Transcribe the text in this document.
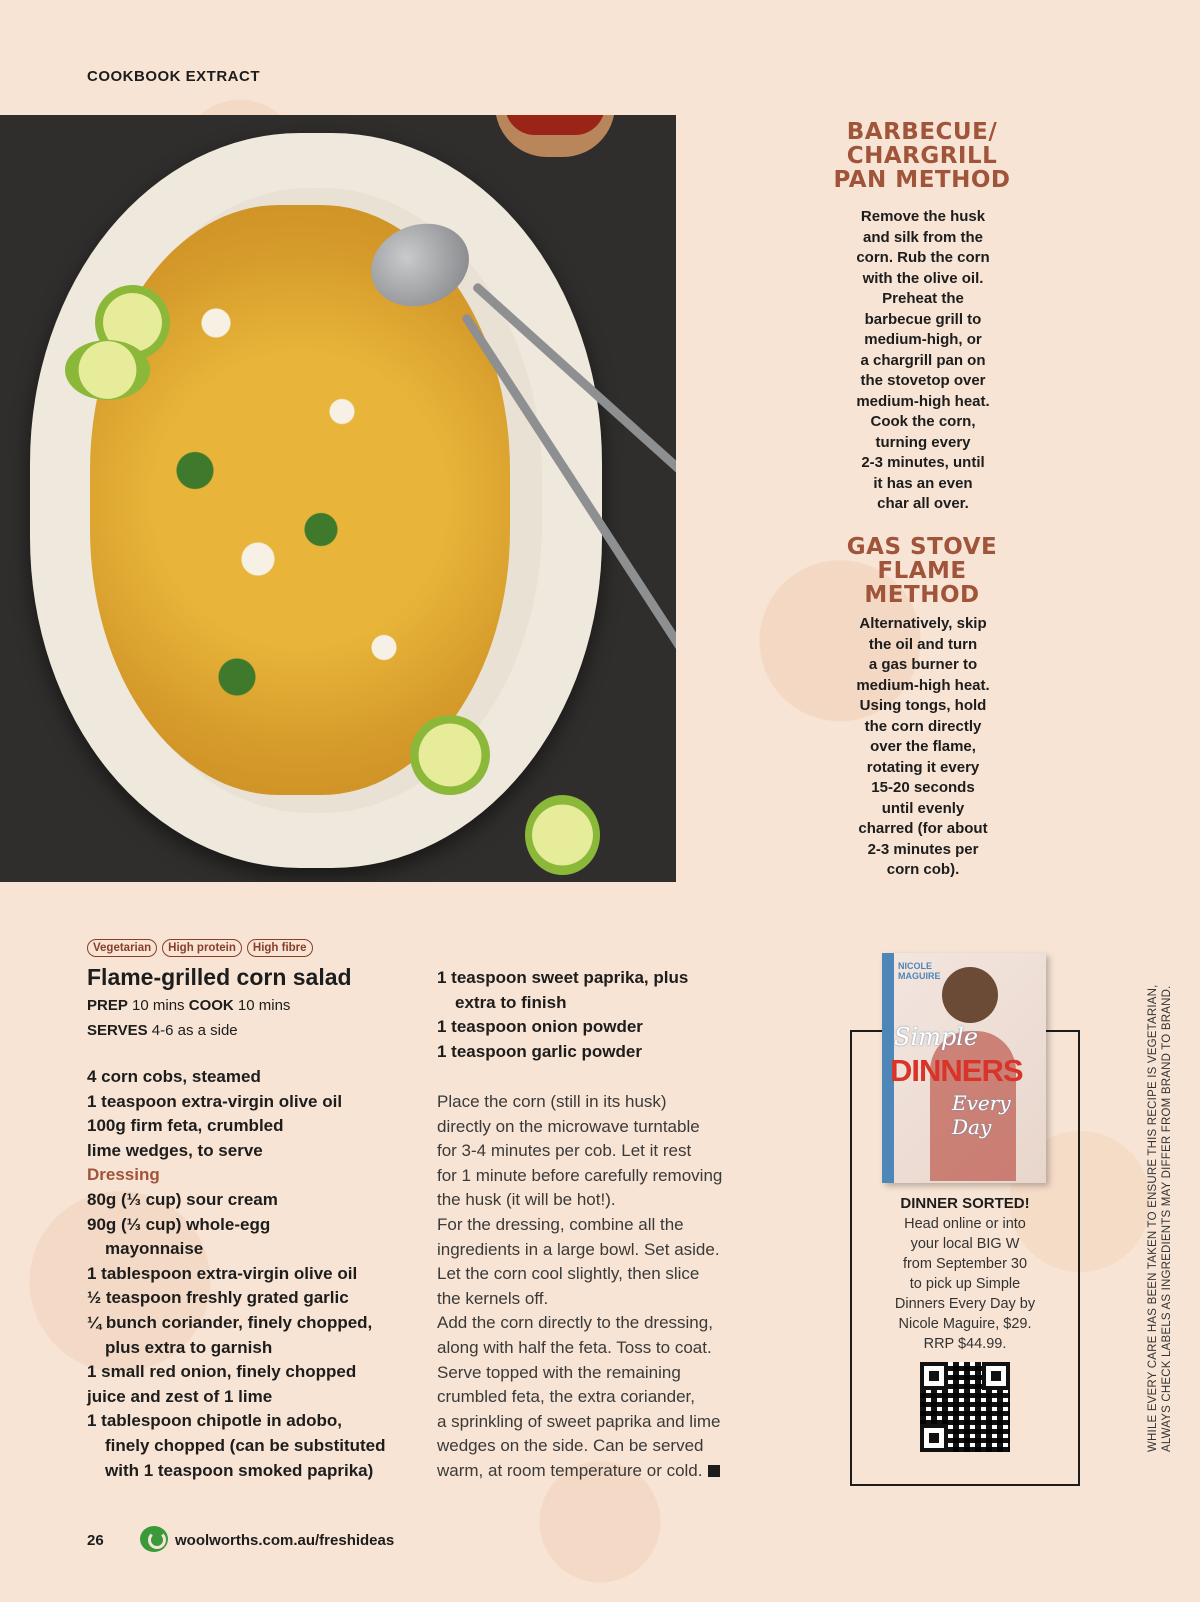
COOKBOOK EXTRACT
BARBECUE/
CHARGRILL
PAN METHOD
Remove the husk
and silk from the
corn. Rub the corn
with the olive oil.
Preheat the
barbecue grill to
medium-high, or
a chargrill pan on
the stovetop over
medium-high heat.
Cook the corn,
turning every
2-3 minutes, until
it has an even
char all over.
GAS STOVE
FLAME
METHOD
Alternatively, skip
the oil and turn
a gas burner to
medium-high heat.
Using tongs, hold
the corn directly
over the flame,
rotating it every
15-20 seconds
until evenly
charred (for about
2-3 minutes per
corn cob).
Vegetarian	High protein	High fibre
Flame-grilled corn salad
PREP 10 mins COOK 10 mins
SERVES 4-6 as a side
4 corn cobs, steamed
1 teaspoon extra-virgin olive oil
100g firm feta, crumbled
lime wedges, to serve
Dressing
80g (⅓ cup) sour cream
90g (⅓ cup) whole-egg
mayonnaise
1 tablespoon extra-virgin olive oil
½ teaspoon freshly grated garlic
¼ bunch coriander, finely chopped,
plus extra to garnish
1 small red onion, finely chopped
juice and zest of 1 lime
1 tablespoon chipotle in adobo,
finely chopped (can be substituted
with 1 teaspoon smoked paprika)
1 teaspoon sweet paprika, plus
extra to finish
1 teaspoon onion powder
1 teaspoon garlic powder
Place the corn (still in its husk)
directly on the microwave turntable
for 3-4 minutes per cob. Let it rest
for 1 minute before carefully removing
the husk (it will be hot!).
For the dressing, combine all the
ingredients in a large bowl. Set aside.
Let the corn cool slightly, then slice
the kernels off.
Add the corn directly to the dressing,
along with half the feta. Toss to coat.
Serve topped with the remaining
crumbled feta, the extra coriander,
a sprinkling of sweet paprika and lime
wedges on the side. Can be served
warm, at room temperature or cold.
NICOLE
MAGUIRE
Simple
DINNERS
Every Day
DINNER SORTED!
Head online or into
your local BIG W
from September 30
to pick up Simple
Dinners Every Day by
Nicole Maguire, $29.
RRP $44.99.	WHILE EVERY CARE HAS BEEN TAKEN TO ENSURE THIS RECIPE IS VEGETARIAN, ALWAYS CHECK LABELS AS INGREDIENTS MAY DIFFER FROM BRAND TO BRAND.
26	woolworths.com.au/freshideas
